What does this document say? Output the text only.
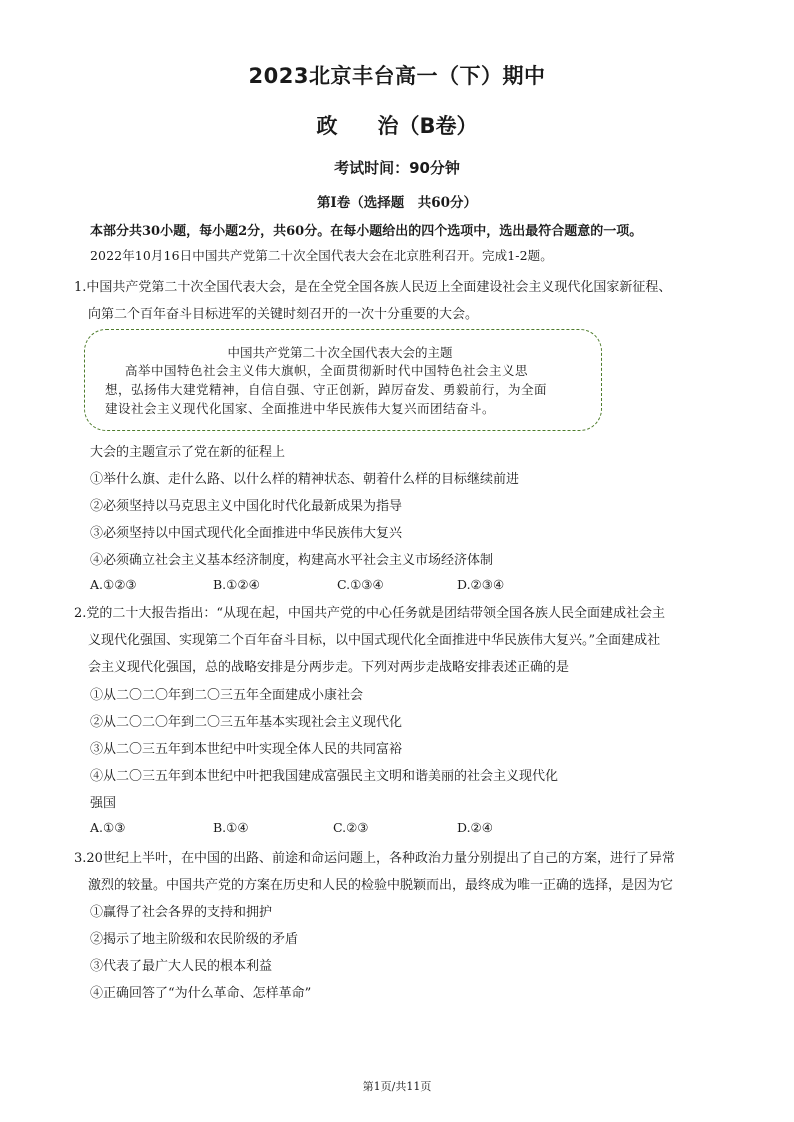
2023北京丰台高一（下）期中
政 治（B卷）
考试时间：90分钟
第Ⅰ卷（选择题　共60分）
本部分共30小题，每小题2分，共60分。在每小题给出的四个选项中，选出最符合题意的一项。
2022年10月16日中国共产党第二十次全国代表大会在北京胜利召开。完成1-2题。
1.中国共产党第二十次全国代表大会，是在全党全国各族人民迈上全面建设社会主义现代化国家新征程、
向第二个百年奋斗目标进军的关键时刻召开的一次十分重要的大会。
中国共产党第二十次全国代表大会的主题
高举中国特色社会主义伟大旗帜，全面贯彻新时代中国特色社会主义思
想，弘扬伟大建党精神，自信自强、守正创新，踔厉奋发、勇毅前行，为全面
建设社会主义现代化国家、全面推进中华民族伟大复兴而团结奋斗。
大会的主题宣示了党在新的征程上
①举什么旗、走什么路、以什么样的精神状态、朝着什么样的目标继续前进
②必须坚持以马克思主义中国化时代化最新成果为指导
③必须坚持以中国式现代化全面推进中华民族伟大复兴
④必须确立社会主义基本经济制度，构建高水平社会主义市场经济体制
A.①②③	B.①②④	C.①③④	D.②③④
2.党的二十大报告指出：“从现在起，中国共产党的中心任务就是团结带领全国各族人民全面建成社会主
义现代化强国、实现第二个百年奋斗目标，以中国式现代化全面推进中华民族伟大复兴。”全面建成社
会主义现代化强国，总的战略安排是分两步走。下列对两步走战略安排表述正确的是
①从二〇二〇年到二〇三五年全面建成小康社会
②从二〇二〇年到二〇三五年基本实现社会主义现代化
③从二〇三五年到本世纪中叶实现全体人民的共同富裕
④从二〇三五年到本世纪中叶把我国建成富强民主文明和谐美丽的社会主义现代化
强国
A.①③	B.①④	C.②③	D.②④
3.20世纪上半叶，在中国的出路、前途和命运问题上，各种政治力量分别提出了自己的方案，进行了异常
激烈的较量。中国共产党的方案在历史和人民的检验中脱颖而出，最终成为唯一正确的选择，是因为它
①赢得了社会各界的支持和拥护
②揭示了地主阶级和农民阶级的矛盾
③代表了最广大人民的根本利益
④正确回答了“为什么革命、怎样革命”
第1页/共11页
